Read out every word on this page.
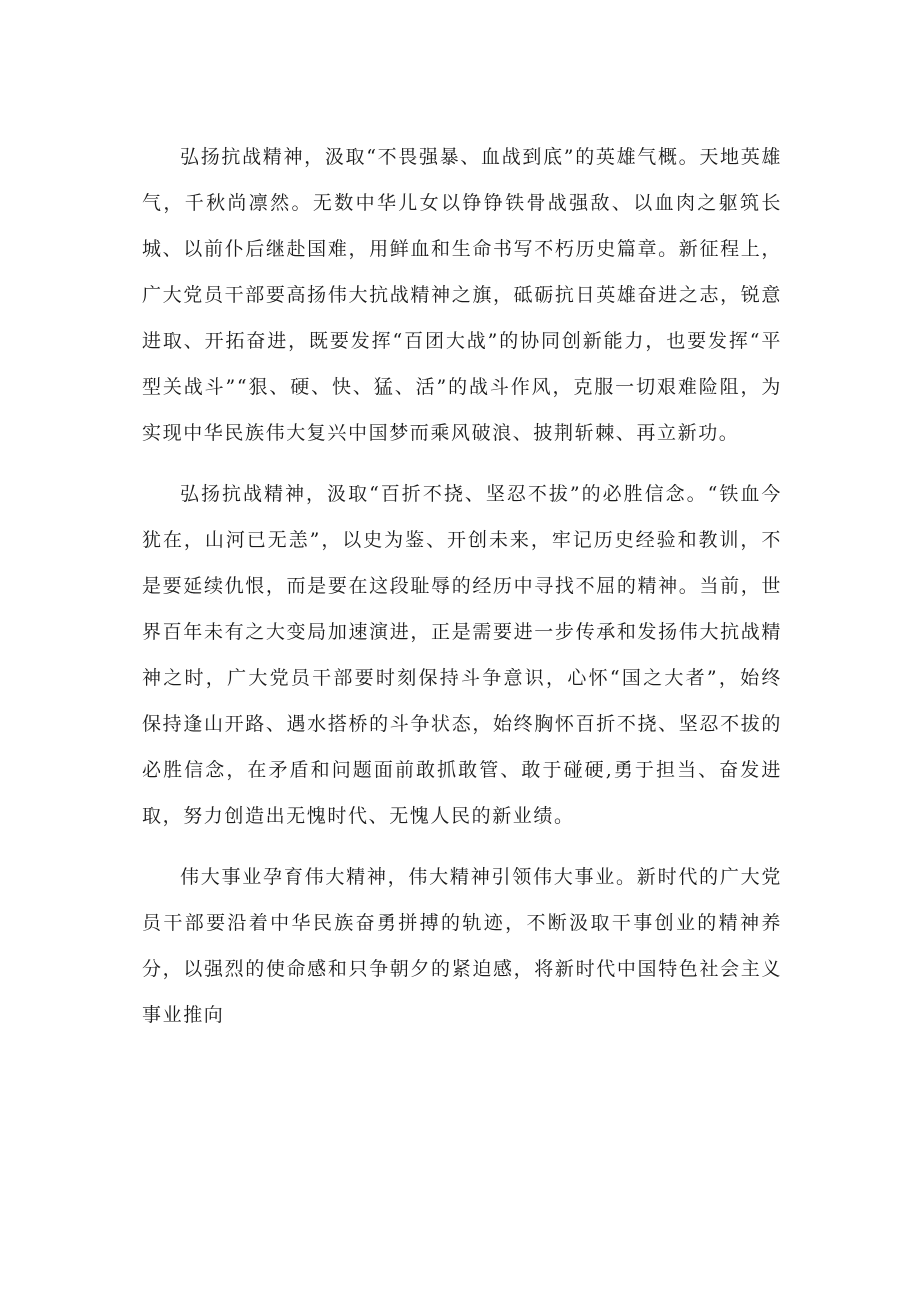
弘扬抗战精神，汲取“不畏强暴、血战到底”的英雄气概。天地英雄气，千秋尚凛然。无数中华儿女以铮铮铁骨战强敌、以血肉之躯筑长城、以前仆后继赴国难，用鲜血和生命书写不朽历史篇章。新征程上，广大党员干部要高扬伟大抗战精神之旗，砥砺抗日英雄奋进之志，锐意进取、开拓奋进，既要发挥“百团大战”的协同创新能力，也要发挥“平型关战斗”“狠、硬、快、猛、活”的战斗作风，克服一切艰难险阻，为实现中华民族伟大复兴中国梦而乘风破浪、披荆斩棘、再立新功。

弘扬抗战精神，汲取“百折不挠、坚忍不拔”的必胜信念。“铁血今犹在，山河已无恙”，以史为鉴、开创未来，牢记历史经验和教训，不是要延续仇恨，而是要在这段耻辱的经历中寻找不屈的精神。当前，世界百年未有之大变局加速演进，正是需要进一步传承和发扬伟大抗战精神之时，广大党员干部要时刻保持斗争意识，心怀“国之大者”，始终保持逢山开路、遇水搭桥的斗争状态，始终胸怀百折不挠、坚忍不拔的必胜信念，在矛盾和问题面前敢抓敢管、敢于碰硬,勇于担当、奋发进取，努力创造出无愧时代、无愧人民的新业绩。

伟大事业孕育伟大精神，伟大精神引领伟大事业。新时代的广大党员干部要沿着中华民族奋勇拼搏的轨迹，不断汲取干事创业的精神养分，以强烈的使命感和只争朝夕的紧迫感，将新时代中国特色社会主义事业推向
